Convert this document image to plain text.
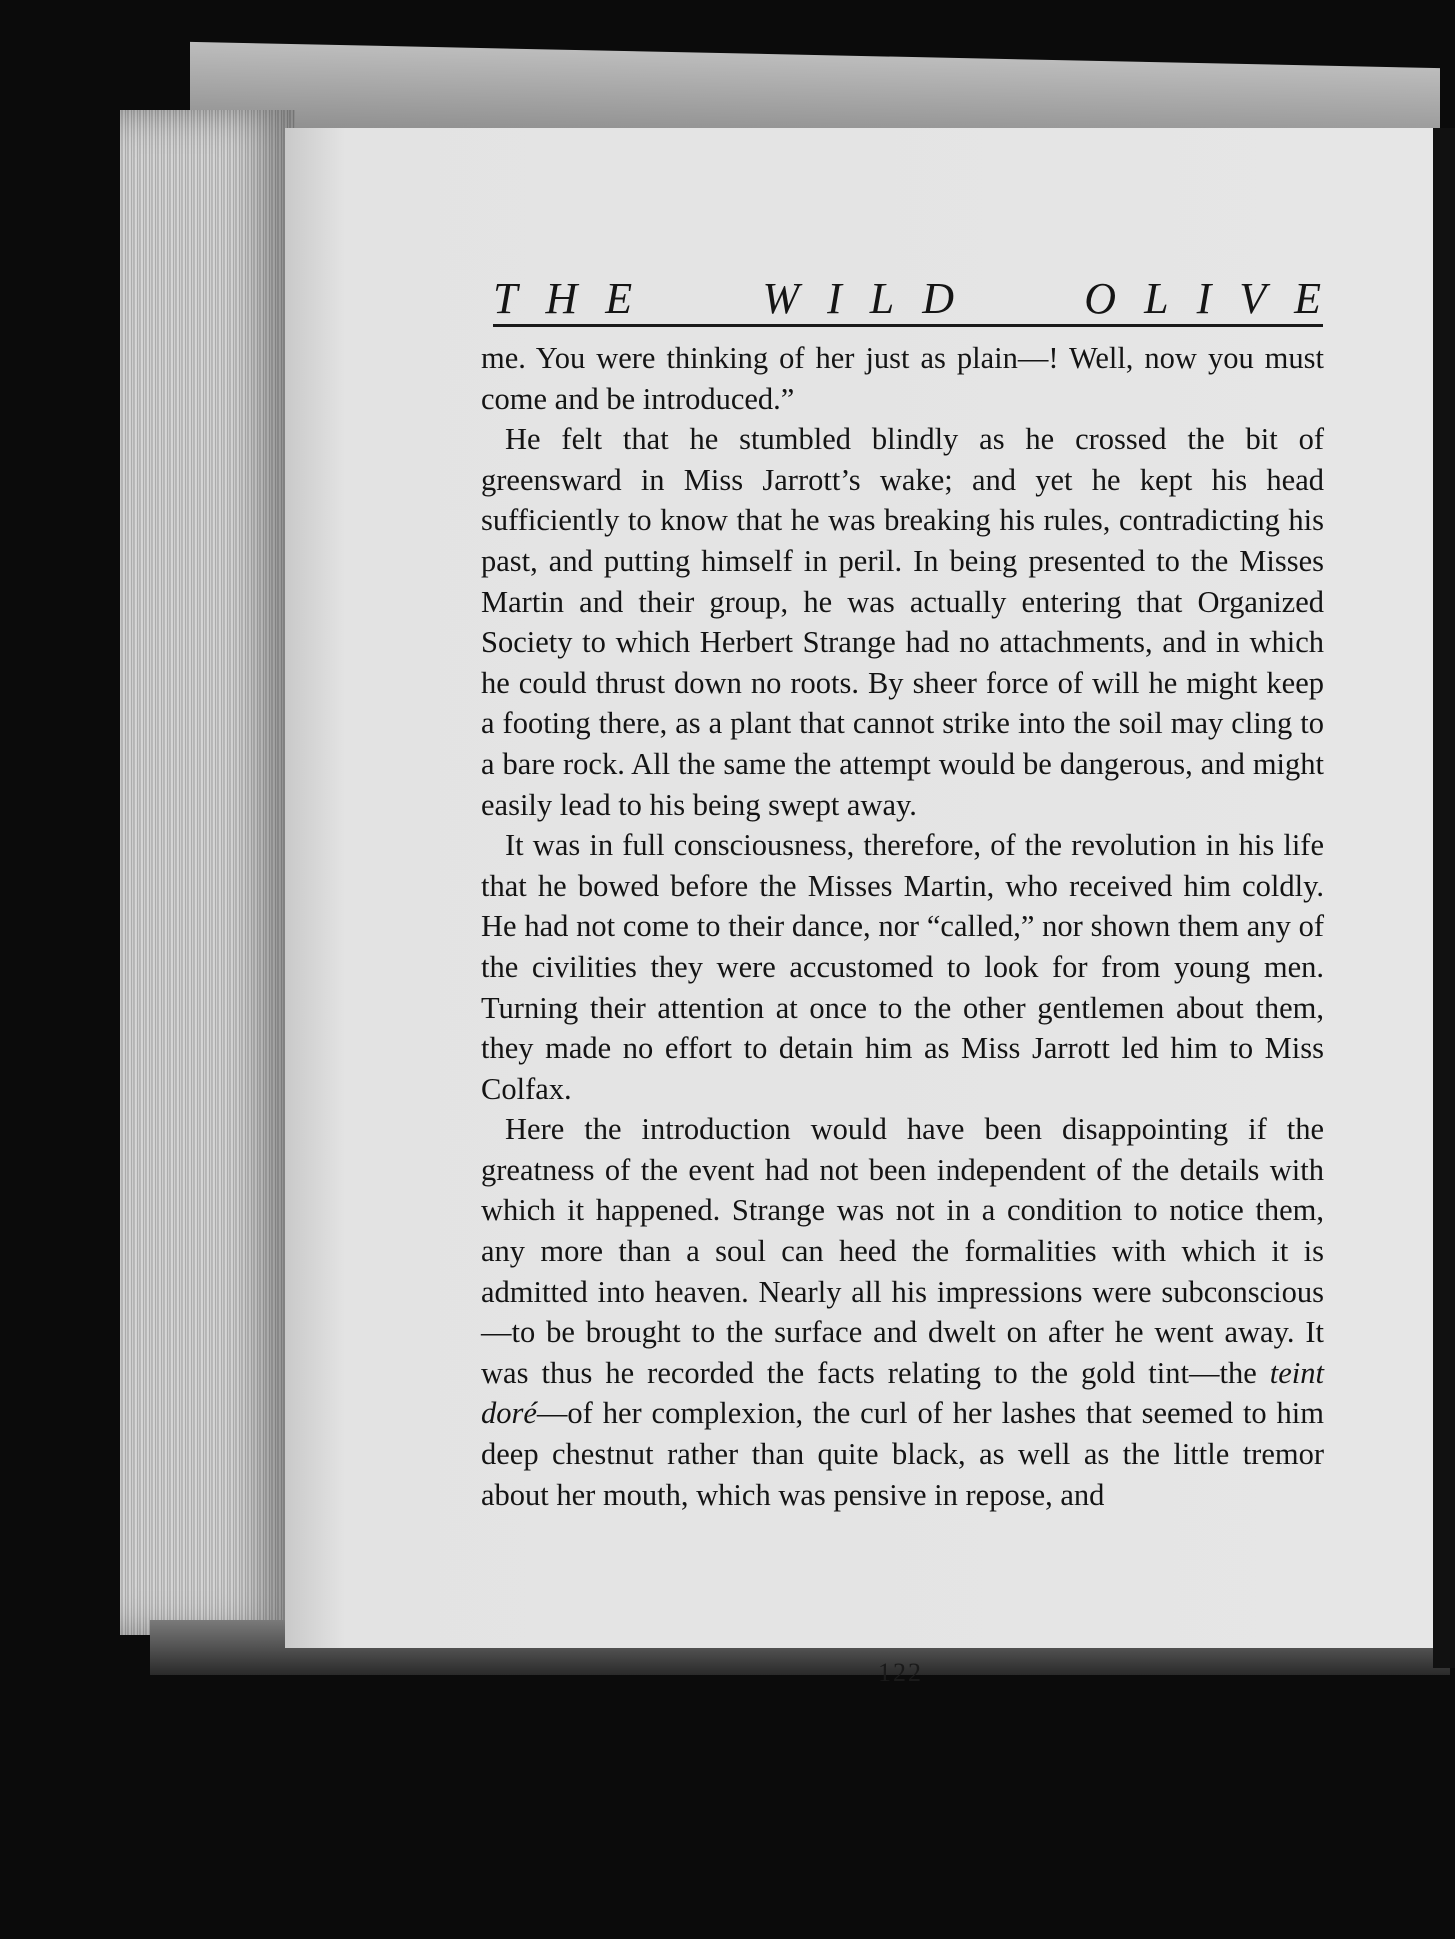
T H E	W I L D	O L I V E

me. You were thinking of her just as plain—! Well, now you must come and be introduced.”

He felt that he stumbled blindly as he crossed the bit of greensward in Miss Jarrott’s wake; and yet he kept his head sufficiently to know that he was breaking his rules, contradicting his past, and putting himself in peril. In being presented to the Misses Martin and their group, he was actually entering that Organized Society to which Herbert Strange had no attachments, and in which he could thrust down no roots. By sheer force of will he might keep a footing there, as a plant that cannot strike into the soil may cling to a bare rock. All the same the attempt would be dangerous, and might easily lead to his being swept away.

It was in full consciousness, therefore, of the revolution in his life that he bowed before the Misses Martin, who received him coldly. He had not come to their dance, nor “called,” nor shown them any of the civilities they were accustomed to look for from young men. Turning their attention at once to the other gentlemen about them, they made no effort to detain him as Miss Jarrott led him to Miss Colfax.

Here the introduction would have been disappointing if the greatness of the event had not been independent of the details with which it happened. Strange was not in a condition to notice them, any more than a soul can heed the formalities with which it is admitted into heaven. Nearly all his impressions were subconscious—to be brought to the surface and dwelt on after he went away. It was thus he recorded the facts relating to the gold tint—the teint doré—of her complexion, the curl of her lashes that seemed to him deep chestnut rather than quite black, as well as the little tremor about her mouth, which was pensive in repose, and

122
